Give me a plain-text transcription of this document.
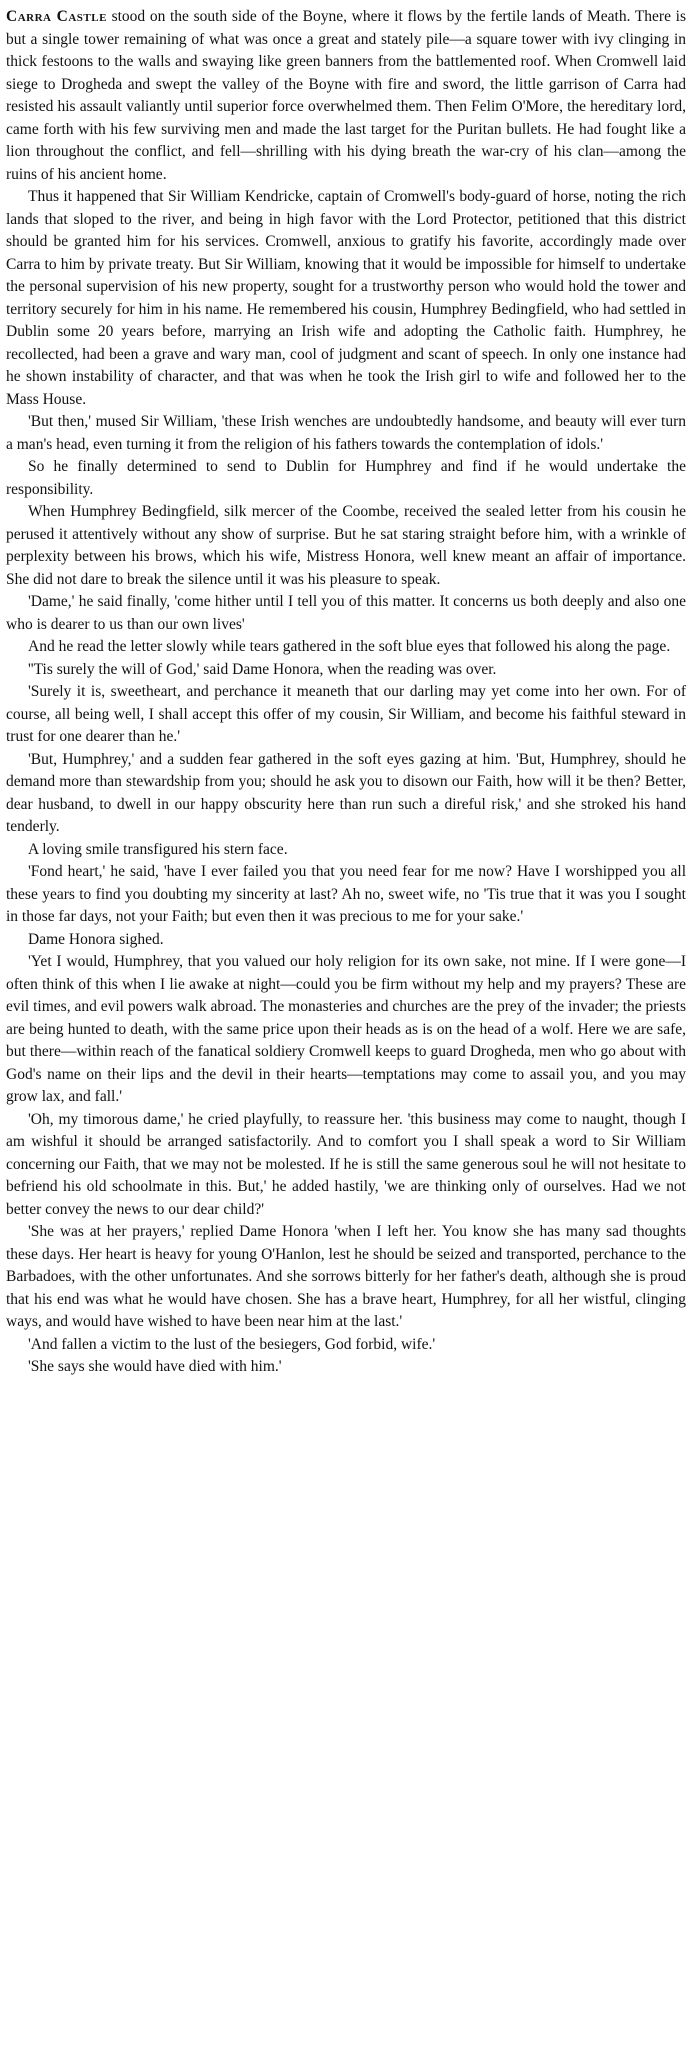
Carra Castle stood on the south side of the Boyne, where it flows by the fertile lands of Meath. There is but a single tower remaining of what was once a great and stately pile—a square tower with ivy clinging in thick festoons to the walls and swaying like green banners from the battlemented roof. When Cromwell laid siege to Drogheda and swept the valley of the Boyne with fire and sword, the little garrison of Carra had resisted his assault valiantly until superior force overwhelmed them. Then Felim O'More, the hereditary lord, came forth with his few surviving men and made the last target for the Puritan bullets. He had fought like a lion throughout the conflict, and fell—shrilling with his dying breath the war-cry of his clan—among the ruins of his ancient home.

Thus it happened that Sir William Kendricke, captain of Cromwell's body-guard of horse, noting the rich lands that sloped to the river, and being in high favor with the Lord Protector, petitioned that this district should be granted him for his services. Cromwell, anxious to gratify his favorite, accordingly made over Carra to him by private treaty. But Sir William, knowing that it would be impossible for himself to undertake the personal supervision of his new property, sought for a trustworthy person who would hold the tower and territory securely for him in his name. He remembered his cousin, Humphrey Bedingfield, who had settled in Dublin some 20 years before, marrying an Irish wife and adopting the Catholic faith. Humphrey, he recollected, had been a grave and wary man, cool of judgment and scant of speech. In only one instance had he shown instability of character, and that was when he took the Irish girl to wife and followed her to the Mass House.

'But then,' mused Sir William, 'these Irish wenches are undoubtedly handsome, and beauty will ever turn a man's head, even turning it from the religion of his fathers towards the contemplation of idols.'

So he finally determined to send to Dublin for Humphrey and find if he would undertake the responsibility.

When Humphrey Bedingfield, silk mercer of the Coombe, received the sealed letter from his cousin he perused it attentively without any show of surprise. But he sat staring straight before him, with a wrinkle of perplexity between his brows, which his wife, Mistress Honora, well knew meant an affair of importance. She did not dare to break the silence until it was his pleasure to speak.

'Dame,' he said finally, 'come hither until I tell you of this matter. It concerns us both deeply and also one who is dearer to us than our own lives'

And he read the letter slowly while tears gathered in the soft blue eyes that followed his along the page.

''Tis surely the will of God,' said Dame Honora, when the reading was over.

'Surely it is, sweetheart, and perchance it meaneth that our darling may yet come into her own. For of course, all being well, I shall accept this offer of my cousin, Sir William, and become his faithful steward in trust for one dearer than he.'

'But, Humphrey,' and a sudden fear gathered in the soft eyes gazing at him. 'But, Humphrey, should he demand more than stewardship from you; should he ask you to disown our Faith, how will it be then? Better, dear husband, to dwell in our happy obscurity here than run such a direful risk,' and she stroked his hand tenderly.

A loving smile transfigured his stern face.

'Fond heart,' he said, 'have I ever failed you that you need fear for me now? Have I worshipped you all these years to find you doubting my sincerity at last? Ah no, sweet wife, no 'Tis true that it was you I sought in those far days, not your Faith; but even then it was precious to me for your sake.'

Dame Honora sighed.

'Yet I would, Humphrey, that you valued our holy religion for its own sake, not mine. If I were gone—I often think of this when I lie awake at night—could you be firm without my help and my prayers? These are evil times, and evil powers walk abroad. The monasteries and churches are the prey of the invader; the priests are being hunted to death, with the same price upon their heads as is on the head of a wolf. Here we are safe, but there—within reach of the fanatical soldiery Cromwell keeps to guard Drogheda, men who go about with God's name on their lips and the devil in their hearts—temptations may come to assail you, and you may grow lax, and fall.'

'Oh, my timorous dame,' he cried playfully, to reassure her. 'this business may come to naught, though I am wishful it should be arranged satisfactorily. And to comfort you I shall speak a word to Sir William concerning our Faith, that we may not be molested. If he is still the same generous soul he will not hesitate to befriend his old schoolmate in this. But,' he added hastily, 'we are thinking only of ourselves. Had we not better convey the news to our dear child?'

'She was at her prayers,' replied Dame Honora 'when I left her. You know she has many sad thoughts these days. Her heart is heavy for young O'Hanlon, lest he should be seized and transported, perchance to the Barbadoes, with the other unfortunates. And she sorrows bitterly for her father's death, although she is proud that his end was what he would have chosen. She has a brave heart, Humphrey, for all her wistful, clinging ways, and would have wished to have been near him at the last.'

'And fallen a victim to the lust of the besiegers, God forbid, wife.'

'She says she would have died with him.'
